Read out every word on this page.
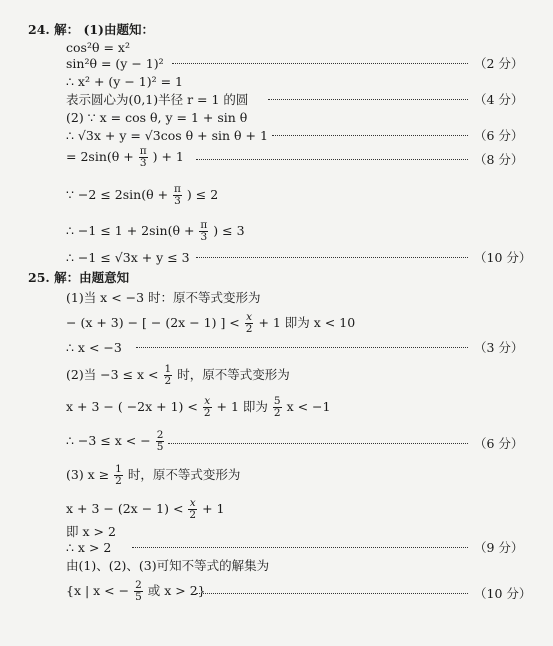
24. 解： (1)由题知：
cos²θ = x²
sin²θ = (y − 1)²	（2 分）
∴ x² + (y − 1)² = 1
表示圆心为(0,1)半径 r = 1 的圆	（4 分）
(2) ∵ x = cos θ, y = 1 + sin θ
∴ √3x + y = √3cos θ + sin θ + 1	（6 分）
= $2\sin(\theta + \frac{\pi}{3}$ ) + 1	（8 分）
∵ $-2 \le 2\sin(\theta + \frac{\pi}{3}$ ) ≤ 2
∴ $-1 \le 1 + 2\sin(\theta + \frac{\pi}{3}$ ) ≤ 3
∴ −1 ≤ √3x + y ≤ 3	（10 分）
25. 解：由题意知
(1)当 x < −3 时：原不等式变形为
− (x + 3) − [ − (2x − 1) ] < $\frac{x}{2} + 1$ 即为 x < 10
∴ x < −3	（3 分）
(2)当 $-3 \le x < \frac{1}{2}$ 时，原不等式变形为
x + 3 − ( $-2x + 1) < \frac{x}{2} + 1$ 即为 $\frac{5}{2}$ x < −1
∴ −3 ≤ x < − $\frac{2}{5}$	（6 分）
(3) $x \ge \frac{1}{2}$ 时，原不等式变形为
$x + 3 - (2x - 1) < \frac{x}{2} + 1$
即 x > 2
∴ x > 2	（9 分）
由(1)、(2)、(3)可知不等式的解集为
{x | x < − $\frac{2}{5}$ 或 x > 2}	（10 分）
